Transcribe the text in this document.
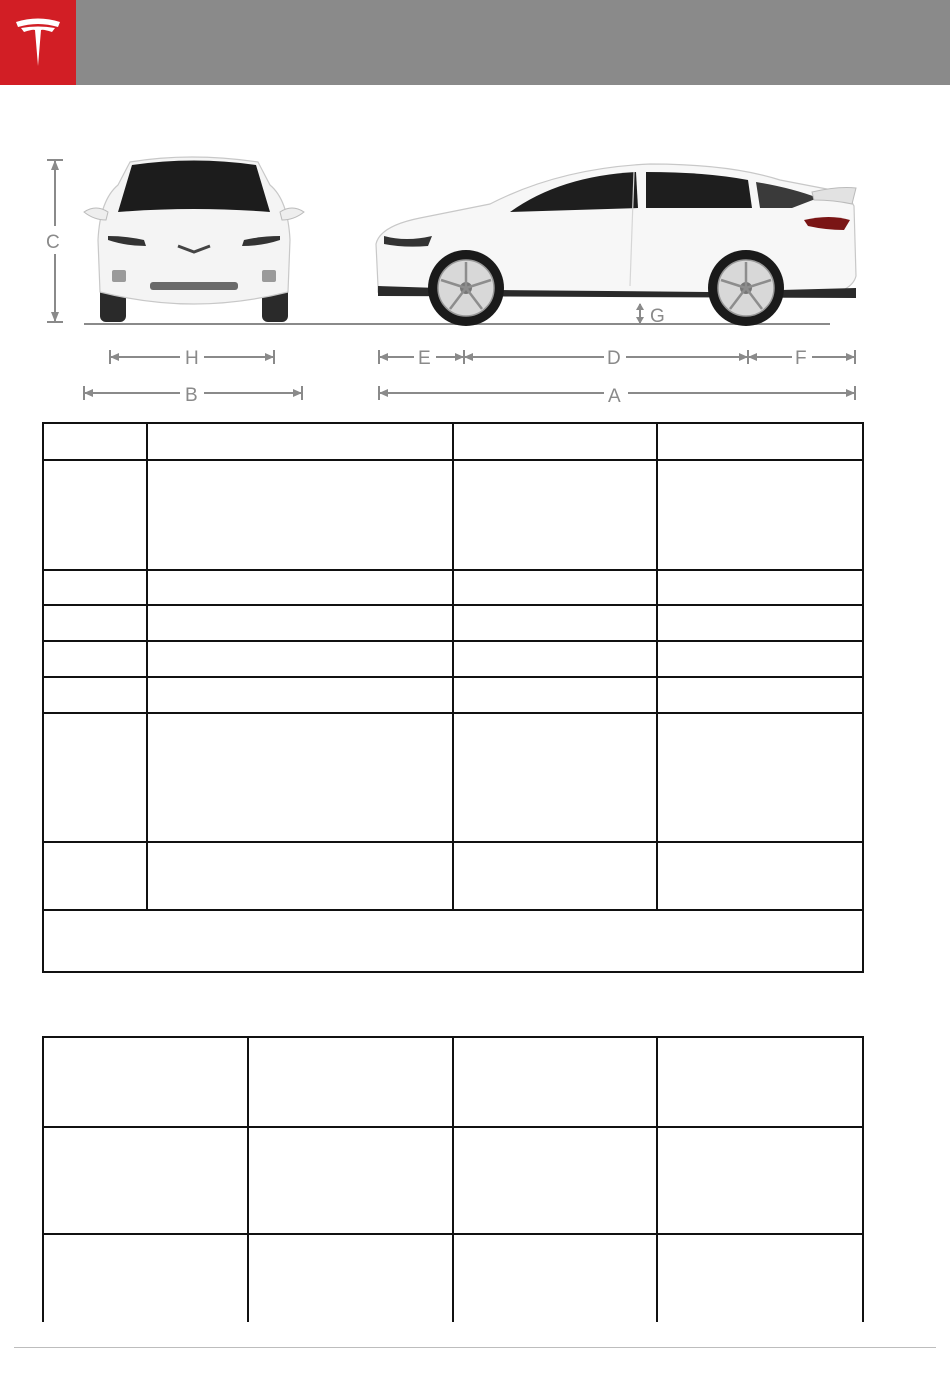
C
H
B
G
E	D	F
A
